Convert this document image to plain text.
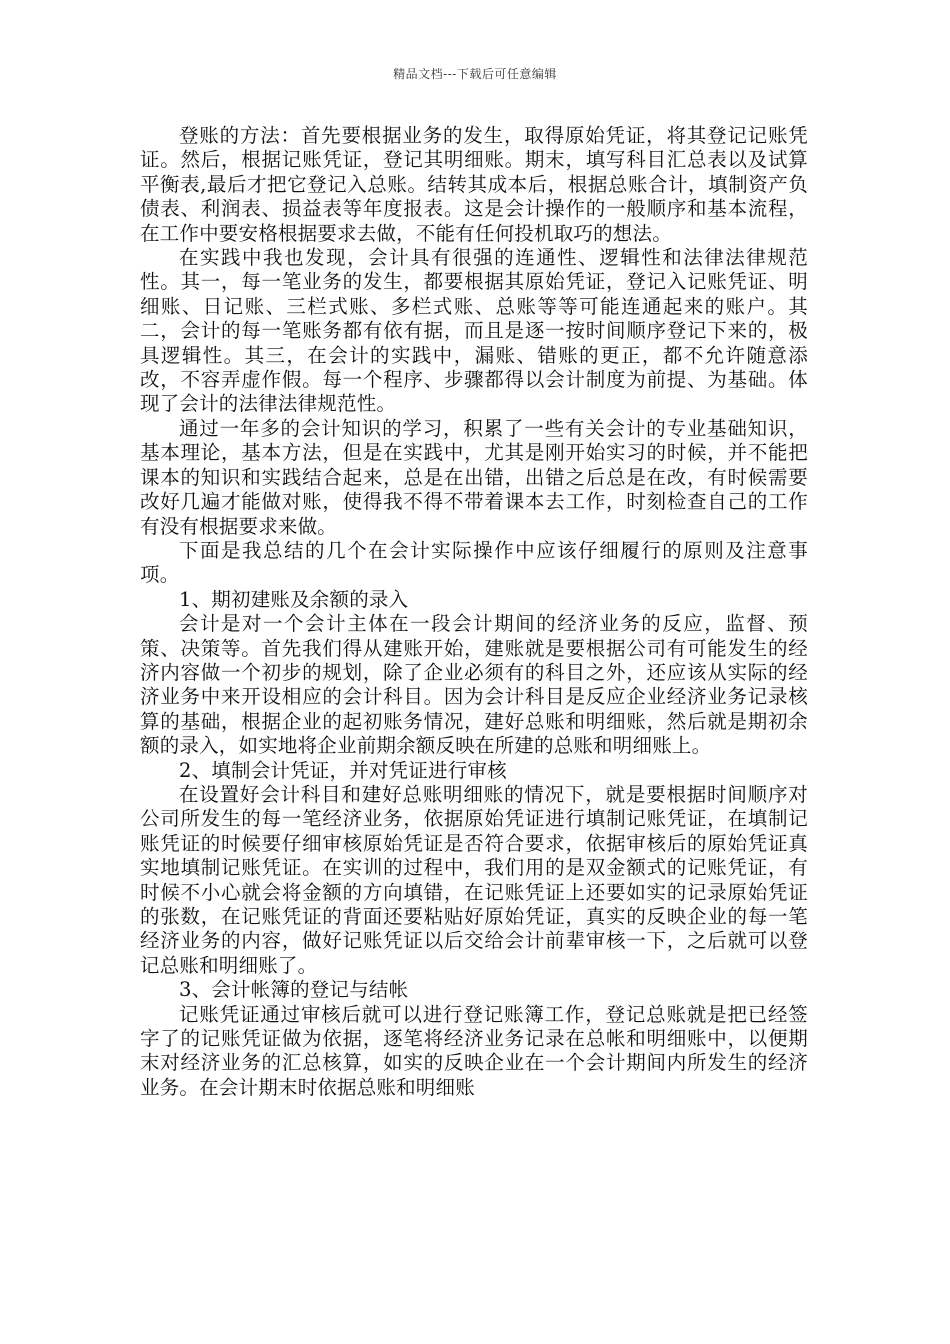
精品文档---下载后可任意编辑

登账的方法：首先要根据业务的发生，取得原始凭证，将其登记记账凭证。然后，根据记账凭证，登记其明细账。期末，填写科目汇总表以及试算平衡表,最后才把它登记入总账。结转其成本后，根据总账合计，填制资产负债表、利润表、损益表等年度报表。这是会计操作的一般顺序和基本流程，在工作中要安格根据要求去做，不能有任何投机取巧的想法。

在实践中我也发现，会计具有很强的连通性、逻辑性和法律法律规范性。其一，每一笔业务的发生，都要根据其原始凭证，登记入记账凭证、明细账、日记账、三栏式账、多栏式账、总账等等可能连通起来的账户。其二，会计的每一笔账务都有依有据，而且是逐一按时间顺序登记下来的，极具逻辑性。其三，在会计的实践中，漏账、错账的更正，都不允许随意添改，不容弄虚作假。每一个程序、步骤都得以会计制度为前提、为基础。体现了会计的法律法律规范性。

通过一年多的会计知识的学习，积累了一些有关会计的专业基础知识，基本理论，基本方法，但是在实践中，尤其是刚开始实习的时候，并不能把课本的知识和实践结合起来，总是在出错，出错之后总是在改，有时候需要改好几遍才能做对账，使得我不得不带着课本去工作，时刻检查自己的工作有没有根据要求来做。

下面是我总结的几个在会计实际操作中应该仔细履行的原则及注意事项。

1、期初建账及余额的录入

会计是对一个会计主体在一段会计期间的经济业务的反应，监督、预策、决策等。首先我们得从建账开始，建账就是要根据公司有可能发生的经济内容做一个初步的规划，除了企业必须有的科目之外，还应该从实际的经济业务中来开设相应的会计科目。因为会计科目是反应企业经济业务记录核算的基础，根据企业的起初账务情况，建好总账和明细账，然后就是期初余额的录入，如实地将企业前期余额反映在所建的总账和明细账上。

2、填制会计凭证，并对凭证进行审核

在设置好会计科目和建好总账明细账的情况下，就是要根据时间顺序对公司所发生的每一笔经济业务，依据原始凭证进行填制记账凭证，在填制记账凭证的时候要仔细审核原始凭证是否符合要求，依据审核后的原始凭证真实地填制记账凭证。在实训的过程中，我们用的是双金额式的记账凭证，有时候不小心就会将金额的方向填错，在记账凭证上还要如实的记录原始凭证的张数，在记账凭证的背面还要粘贴好原始凭证，真实的反映企业的每一笔经济业务的内容，做好记账凭证以后交给会计前辈审核一下，之后就可以登记总账和明细账了。

3、会计帐簿的登记与结帐

记账凭证通过审核后就可以进行登记账簿工作，登记总账就是把已经签字了的记账凭证做为依据，逐笔将经济业务记录在总帐和明细账中，以便期末对经济业务的汇总核算，如实的反映企业在一个会计期间内所发生的经济业务。在会计期末时依据总账和明细账
